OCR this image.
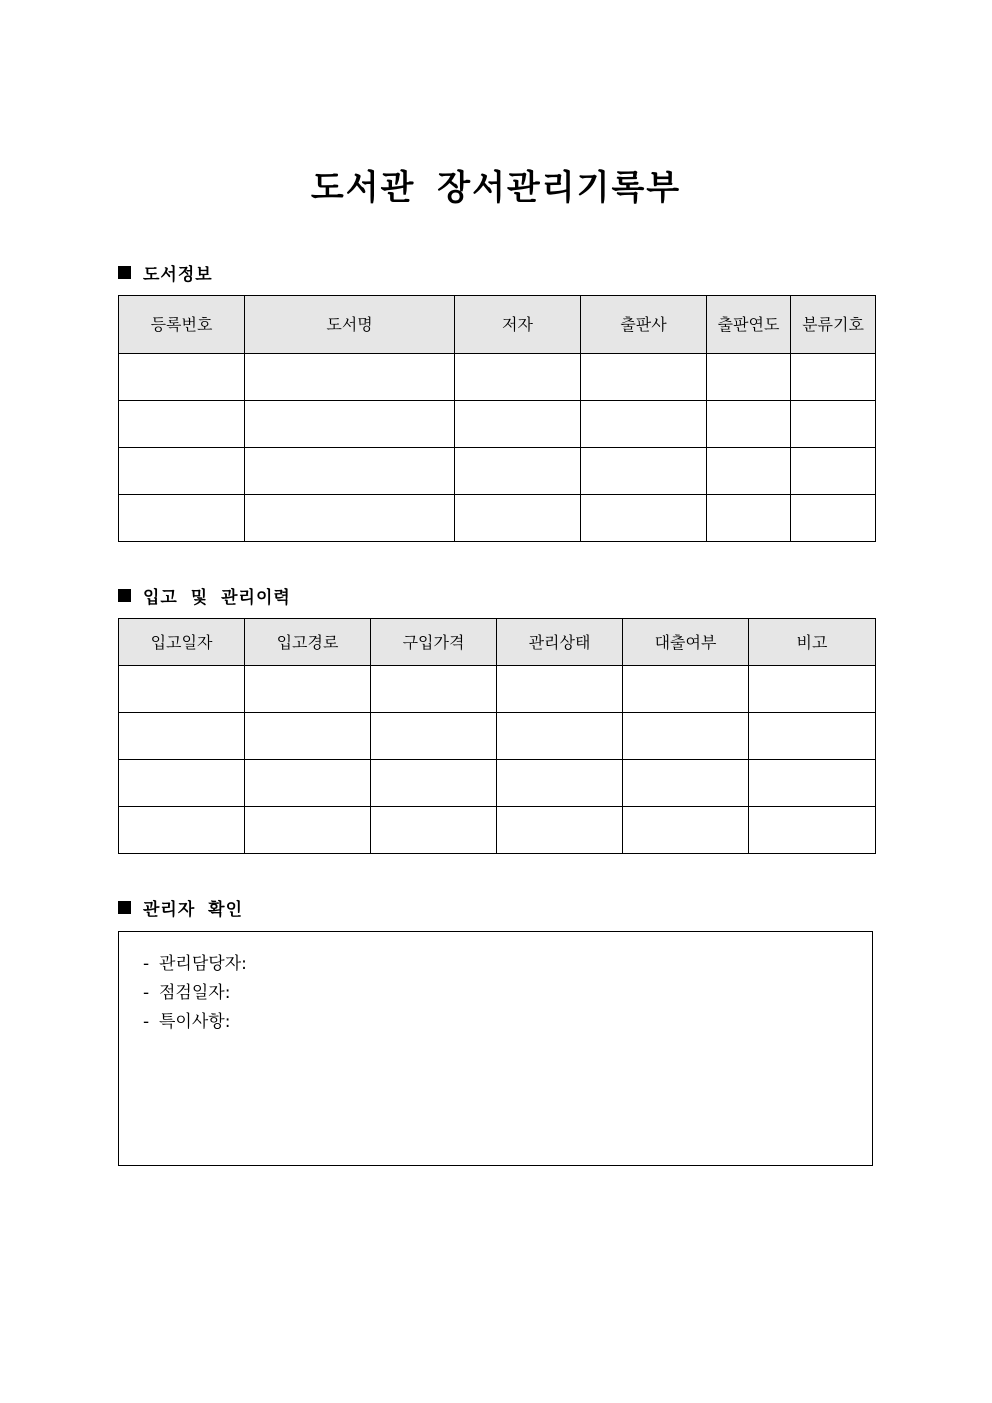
도서관 장서관리기록부
도서정보
등록번호	도서명	저자	출판사	출판연도	분류기호

입고 및 관리이력
입고일자	입고경로	구입가격	관리상태	대출여부	비고

관리자 확인
- 관리담당자:
- 점검일자:
- 특이사항:
